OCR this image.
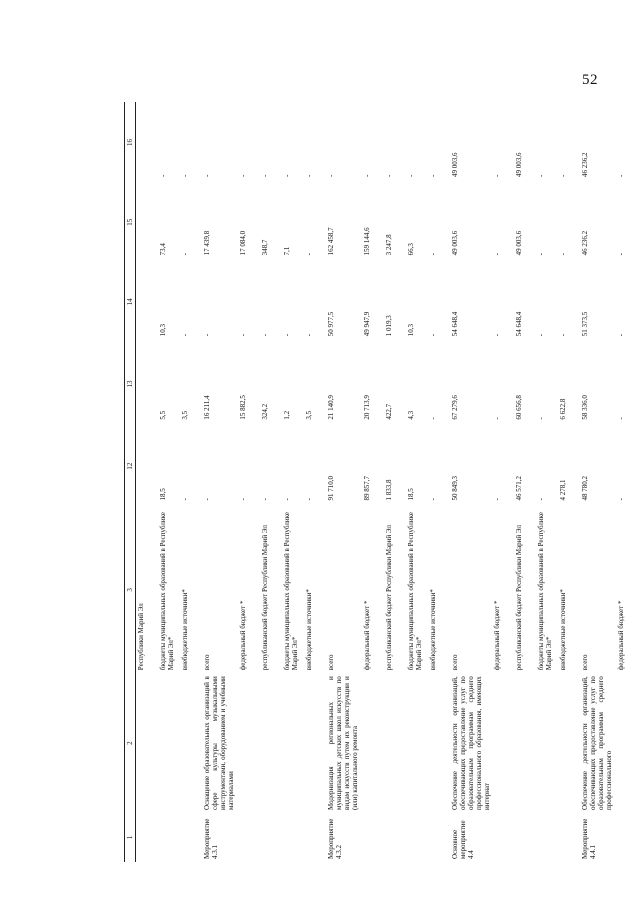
52
1	2	3	12	13	14	15	16
		Республики Марий Эл					
		бюджеты муниципальных образований в Республике Марий Эл*	18,5	5,5	10,3	73,4	-
		внебюджетные источники*	-	3,5	-	-	-
Мероприятие 4.3.1	Оснащение образовательных организаций в сфере культуры музыкальными инструментами, оборудованием и учебными материалами	всего	-	16 211,4	-	17 439,8	-
		федеральный бюджет *	-	15 882,5	-	17 084,0	-
		республиканский бюджет Республики Марий Эл	-	324,2	-	348,7	-
		бюджеты муниципальных образований в Республике Марий Эл*	-	1,2	-	7,1	-
		внебюджетные источники*	-	3,5	-	-	-
Мероприятие 4.3.2	Модернизация региональных и муниципальных детских школ искусств по видам искусств путем их реконструкции и (или) капитального ремонта	всего	91 710,0	21 140,9	50 977,5	162 458,7	-
		федеральный бюджет *	89 857,7	20 713,9	49 947,9	159 144,6	-
		республиканский бюджет Республики Марий Эл	1 833,8	422,7	1 019,3	3 247,8	-
		бюджеты муниципальных образований в Республике Марий Эл*	18,5	4,3	10,3	66,3	-
		внебюджетные источники*	-	-	-	-	-
Основное мероприятие 4.4	Обеспечение деятельности организаций, обеспечивающих предоставление услуг по образовательным программам среднего профессионального образования, имеющих интернат	всего	50 849,3	67 279,6	54 648,4	49 003,6	49 003,6
		федеральный бюджет *	-	-	-	-	-
		республиканский бюджет Республики Марий Эл	46 571,2	60 656,8	54 648,4	49 003,6	49 003,6
		бюджеты муниципальных образований в Республике Марий Эл*	-	-	-	-	-
		внебюджетные источники*	4 278,1	6 622,8	-	-	-
Мероприятие 4.4.1	Обеспечение деятельности организаций, обеспечивающих предоставление услуг по образовательным программам среднего профессионального	всего	48 780,2	58 336,0	51 373,5	46 236,2	46 236,2
		федеральный бюджет *	-	-	-	-	-
